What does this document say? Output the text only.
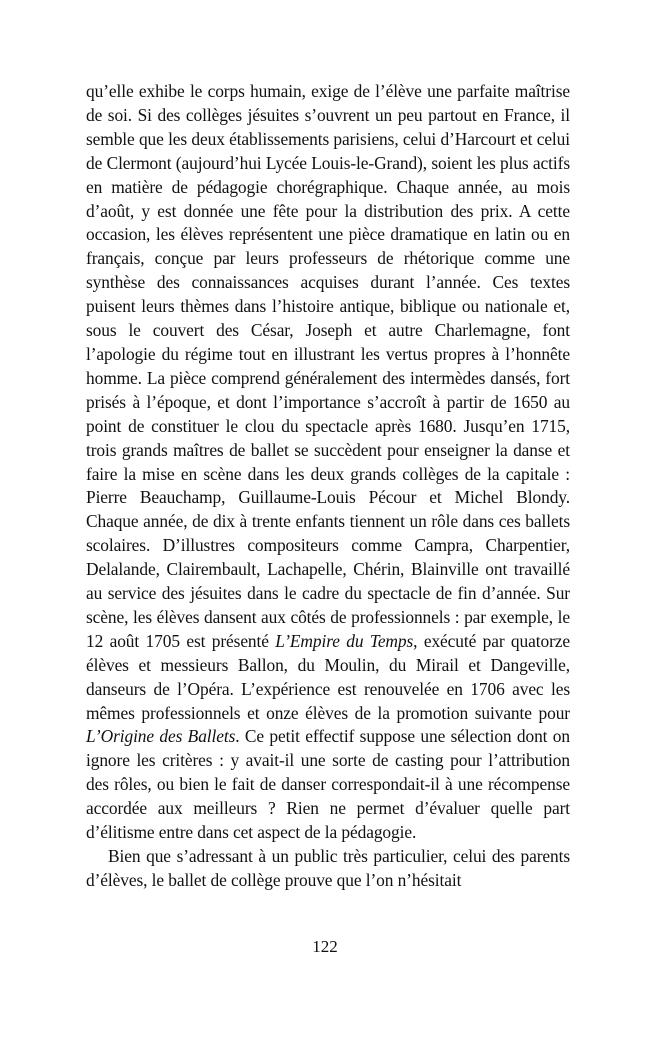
qu’elle exhibe le corps humain, exige de l’élève une parfaite maîtrise de soi. Si des collèges jésuites s’ouvrent un peu partout en France, il semble que les deux établissements parisiens, celui d’Harcourt et celui de Clermont (aujourd’hui Lycée Louis-le-Grand), soient les plus actifs en matière de pédagogie chorégraphique. Chaque année, au mois d’août, y est donnée une fête pour la distribution des prix. A cette occasion, les élèves représentent une pièce dramatique en latin ou en français, conçue par leurs professeurs de rhétorique comme une synthèse des connaissances acquises durant l’année. Ces textes puisent leurs thèmes dans l’histoire antique, biblique ou nationale et, sous le couvert des César, Joseph et autre Charlemagne, font l’apologie du régime tout en illustrant les vertus propres à l’honnête homme. La pièce comprend généralement des intermèdes dansés, fort prisés à l’époque, et dont l’importance s’accroît à partir de 1650 au point de constituer le clou du spectacle après 1680. Jusqu’en 1715, trois grands maîtres de ballet se succèdent pour enseigner la danse et faire la mise en scène dans les deux grands collèges de la capitale : Pierre Beauchamp, Guillaume-Louis Pécour et Michel Blondy. Chaque année, de dix à trente enfants tiennent un rôle dans ces ballets scolaires. D’illustres compositeurs comme Campra, Charpentier, Delalande, Clairembault, Lachapelle, Chérin, Blainville ont travaillé au service des jésuites dans le cadre du spectacle de fin d’année. Sur scène, les élèves dansent aux côtés de professionnels : par exemple, le 12 août 1705 est présenté L’Empire du Temps, exécuté par quatorze élèves et messieurs Ballon, du Moulin, du Mirail et Dangeville, danseurs de l’Opéra. L’expérience est renouvelée en 1706 avec les mêmes professionnels et onze élèves de la promotion suivante pour L’Origine des Ballets. Ce petit effectif suppose une sélection dont on ignore les critères : y avait-il une sorte de casting pour l’attribution des rôles, ou bien le fait de danser correspondait-il à une récompense accordée aux meilleurs ? Rien ne permet d’évaluer quelle part d’élitisme entre dans cet aspect de la pédagogie.

Bien que s’adressant à un public très particulier, celui des parents d’élèves, le ballet de collège prouve que l’on n’hésitait

122
